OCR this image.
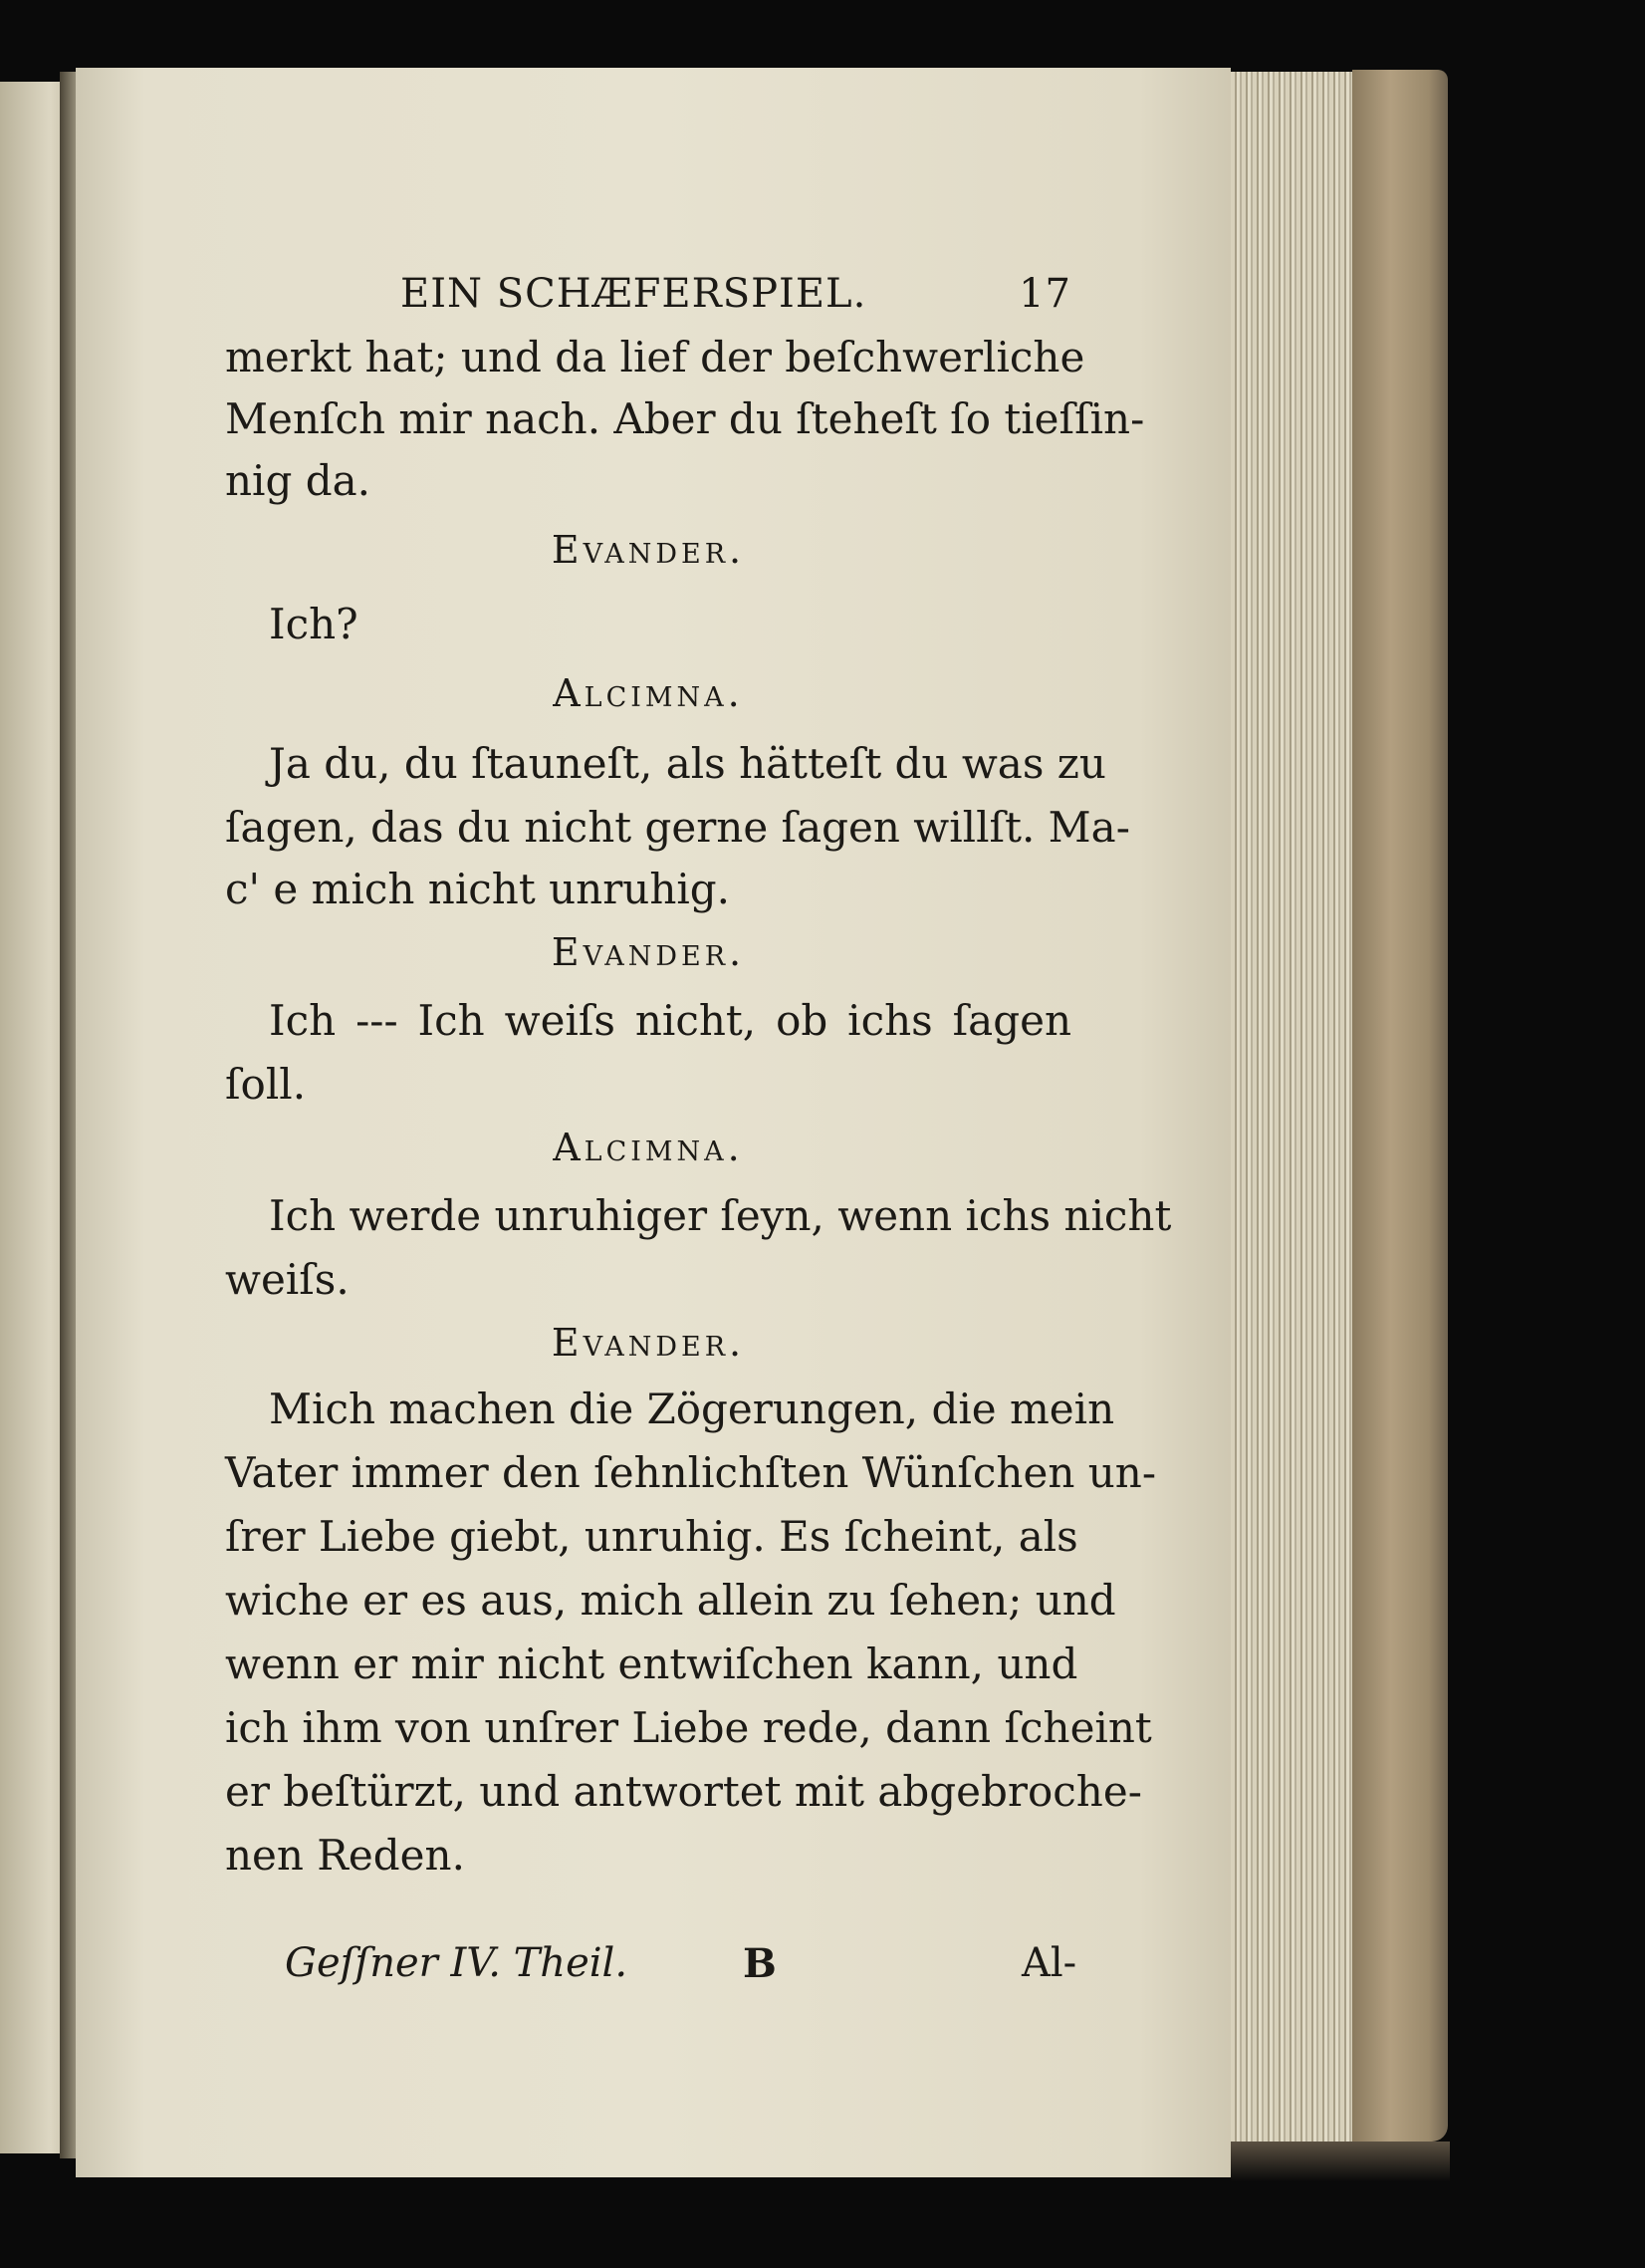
EIN SCHÆFERSPIEL.	17
merkt hat; und da lief der beſchwerliche
Menſch mir nach. Aber du ſteheſt ſo tieſſin-
nig da.
Evander.
Ich?
Alcimna.
Ja du, du ſtauneſt, als hätteſt du was zu
ſagen, das du nicht gerne ſagen willſt. Ma-
c' e mich nicht unruhig.
Evander.
Ich --- Ich weiſs nicht, ob ichs ſagen
ſoll.
Alcimna.
Ich werde unruhiger ſeyn, wenn ichs nicht
weiſs.
Evander.
Mich machen die Zögerungen, die mein
Vater immer den ſehnlichſten Wünſchen un-
ſrer Liebe giebt, unruhig. Es ſcheint, als
wiche er es aus, mich allein zu ſehen; und
wenn er mir nicht entwiſchen kann, und
ich ihm von unſrer Liebe rede, dann ſcheint
er beſtürzt, und antwortet mit abgebroche-
nen Reden.
Geſſner IV. Theil.	B	Al-
